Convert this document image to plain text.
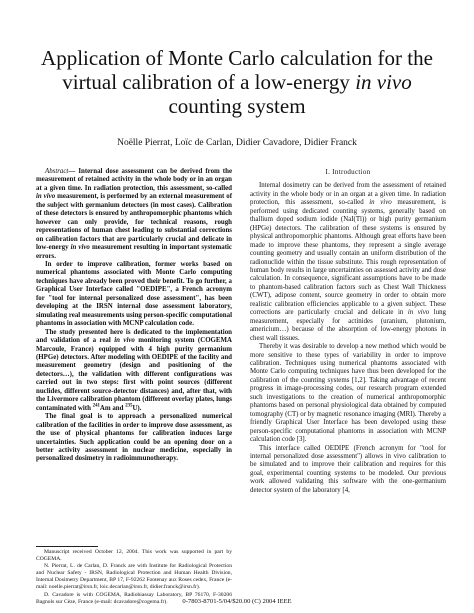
Application of Monte Carlo calculation for the
virtual calibration of a low-energy in vivo
counting system
Noëlle Pierrat, Loïc de Carlan, Didier Cavadore, Didier Franck

Abstract— Internal dose assessment can be derived from the measurement of retained activity in the whole body or in an organ at a given time. In radiation protection, this assessment, so-called in vivo measurement, is performed by an external measurement of the subject with germanium detectors (in most cases). Calibration of these detectors is ensured by anthropomorphic phantoms which however can only provide, for technical reasons, rough representations of human chest leading to substantial corrections on calibration factors that are particularly crucial and delicate in low-energy in vivo measurement resulting in important systematic errors.

In order to improve calibration, former works based on numerical phantoms associated with Monte Carlo computing techniques have already been proved their benefit. To go further, a Graphical User Interface called "OEDIPE", a French acronym for "tool for internal personalized dose assessment", has been developing at the IRSN internal dose assessment laboratory, simulating real measurements using person-specific computational phantoms in association with MCNP calculation code.

The study presented here is dedicated to the implementation and validation of a real in vivo monitoring system (COGEMA Marcoule, France) equipped with 4 high purity germanium (HPGe) detectors. After modeling with OEDIPE of the facility and measurement geometry (design and positioning of the detectors…), the validation with different configurations was carried out in two steps: first with point sources (different nuclides, different source-detector distances) and, after that, with the Livermore calibration phantom (different overlay plates, lungs contaminated with $^{241}$Am and $^{235}$U).

The final goal is to approach a personalized numerical calibration of the facilities in order to improve dose assessment, as the use of physical phantoms for calibration induces large uncertainties. Such application could be an opening door on a better activity assessment in nuclear medicine, especially in personalized dosimetry in radioimmunotherapy.

I. Introduction

Internal dosimetry can be derived from the assessment of retained activity in the whole body or in an organ at a given time. In radiation protection, this assessment, so-called in vivo measurement, is performed using dedicated counting systems, generally based on thallium doped sodium iodide (NaI(Tl)) or high purity germanium (HPGe) detectors. The calibration of these systems is ensured by physical anthropomorphic phantoms. Although great efforts have been made to improve these phantoms, they represent a single average counting geometry and usually contain an uniform distribution of the radionuclide within the tissue substitute. This rough representation of human body results in large uncertainties on assessed activity and dose calculation. In consequence, significant assumptions have to be made to phantom-based calibration factors such as Chest Wall Thickness (CWT), adipose content, source geometry in order to obtain more realistic calibration efficiencies applicable to a given subject. These corrections are particularly crucial and delicate in in vivo lung measurement, especially for actinides (uranium, plutonium, americium…) because of the absorption of low-energy photons in chest wall tissues.

Thereby it was desirable to develop a new method which would be more sensitive to these types of variability in order to improve calibration. Techniques using numerical phantoms associated with Monte Carlo computing techniques have thus been developed for the calibration of the counting systems [1,2]. Taking advantage of recent progress in image-processing codes, our research program extended such investigations to the creation of numerical anthropomorphic phantoms based on personal physiological data obtained by computed tomography (CT) or by magnetic resonance imaging (MRI). Thereby a friendly Graphical User Interface has been developed using these person-specific computational phantoms in association with MCNP calculation code [3].

This interface called OEDIPE (French acronym for "tool for internal personalized dose assessment") allows in vivo calibration to be simulated and to improve their calibration and requires for this goal, experimental counting systems to be modeled. Our previous work allowed validating this software with the one-germanium detector system of the laboratory [4,

Manuscript received October 12, 2004. This work was supported in part by COGEMA.

N. Pierrat, L. de Carlan, D. Franck are with Institute for Radiological Protection and Nuclear Safety - IRSN, Radiological Protection and Human Health Division, Internal Dosimetry Department, BP 17, F-92262 Fontenay aux Roses cedex, France (e-mail: noelle.pierrat@irsn.fr, loic.decarlan@irsn.fr, didier.franck@irsn.fr).

D. Cavadore is with COGEMA, Radiobiassay Laboratory, BP 76170, F-30206 Bagnols sur Cèze, France (e-mail: dcavadore@cogema.fr).	0-7803-8701-5/04/$20.00 (C) 2004 IEEE
